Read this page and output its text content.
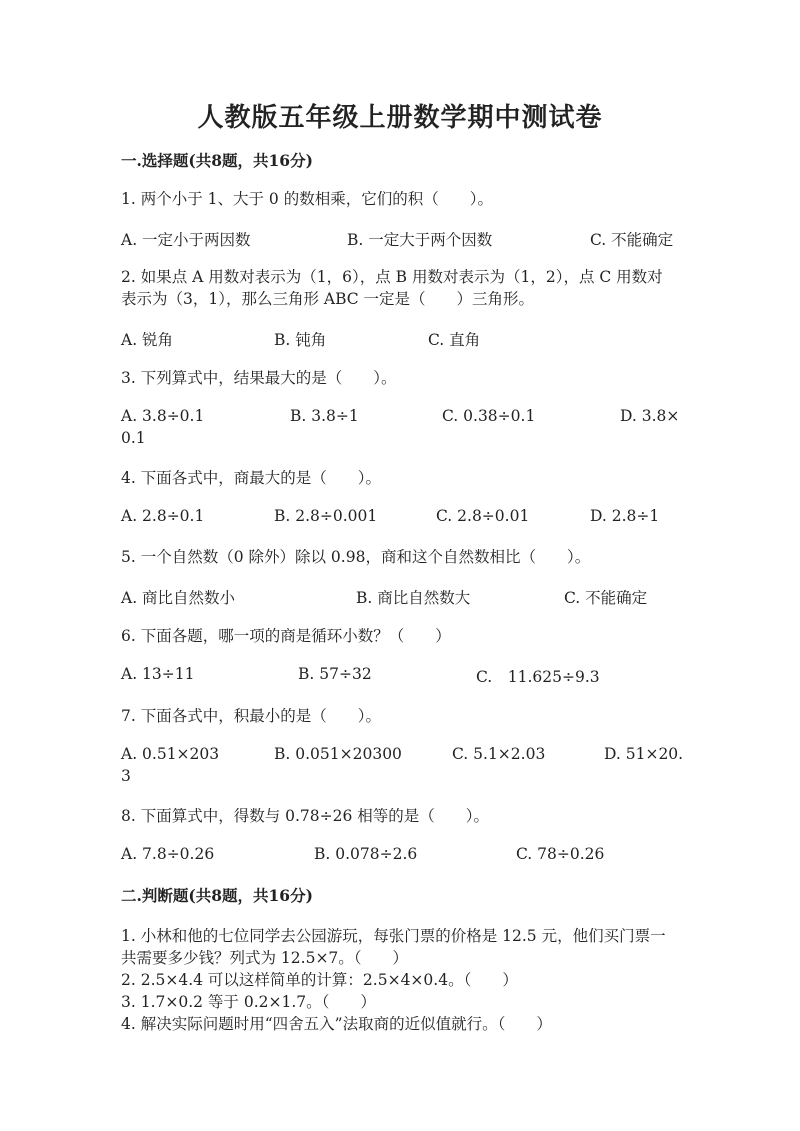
人教版五年级上册数学期中测试卷
一.选择题(共8题，共16分)
1. 两个小于 1、大于 0 的数相乘，它们的积（　　）。
A. 一定小于两因数	B. 一定大于两个因数	C. 不能确定
2. 如果点 A 用数对表示为（1，6），点 B 用数对表示为（1，2），点 C 用数对
表示为（3，1），那么三角形 ABC 一定是（　　）三角形。
A. 锐角	B. 钝角	C. 直角
3. 下列算式中，结果最大的是（　　）。
A. 3.8÷0.1	B. 3.8÷1	C. 0.38÷0.1	D. 3.8×
0.1
4. 下面各式中，商最大的是（　　）。
A. 2.8÷0.1	B. 2.8÷0.001	C. 2.8÷0.01	D. 2.8÷1
5. 一个自然数（0 除外）除以 0.98，商和这个自然数相比（　　）。
A. 商比自然数小	B. 商比自然数大	C. 不能确定
6. 下面各题，哪一项的商是循环小数？（　　）
A. 13÷11	B. 57÷32	C.　11.625÷9.3
7. 下面各式中，积最小的是（　　）。
A. 0.51×203	B. 0.051×20300	C. 5.1×2.03	D. 51×20.
3
8. 下面算式中，得数与 0.78÷26 相等的是（　　）。
A. 7.8÷0.26	B. 0.078÷2.6	C. 78÷0.26
二.判断题(共8题，共16分)
1. 小林和他的七位同学去公园游玩，每张门票的价格是 12.5 元，他们买门票一
共需要多少钱？列式为 12.5×7。（　　）
2. 2.5×4.4 可以这样简单的计算：2.5×4×0.4。（　　）
3. 1.7×0.2 等于 0.2×1.7。（　　）
4. 解决实际问题时用“四舍五入”法取商的近似值就行。（　　）
